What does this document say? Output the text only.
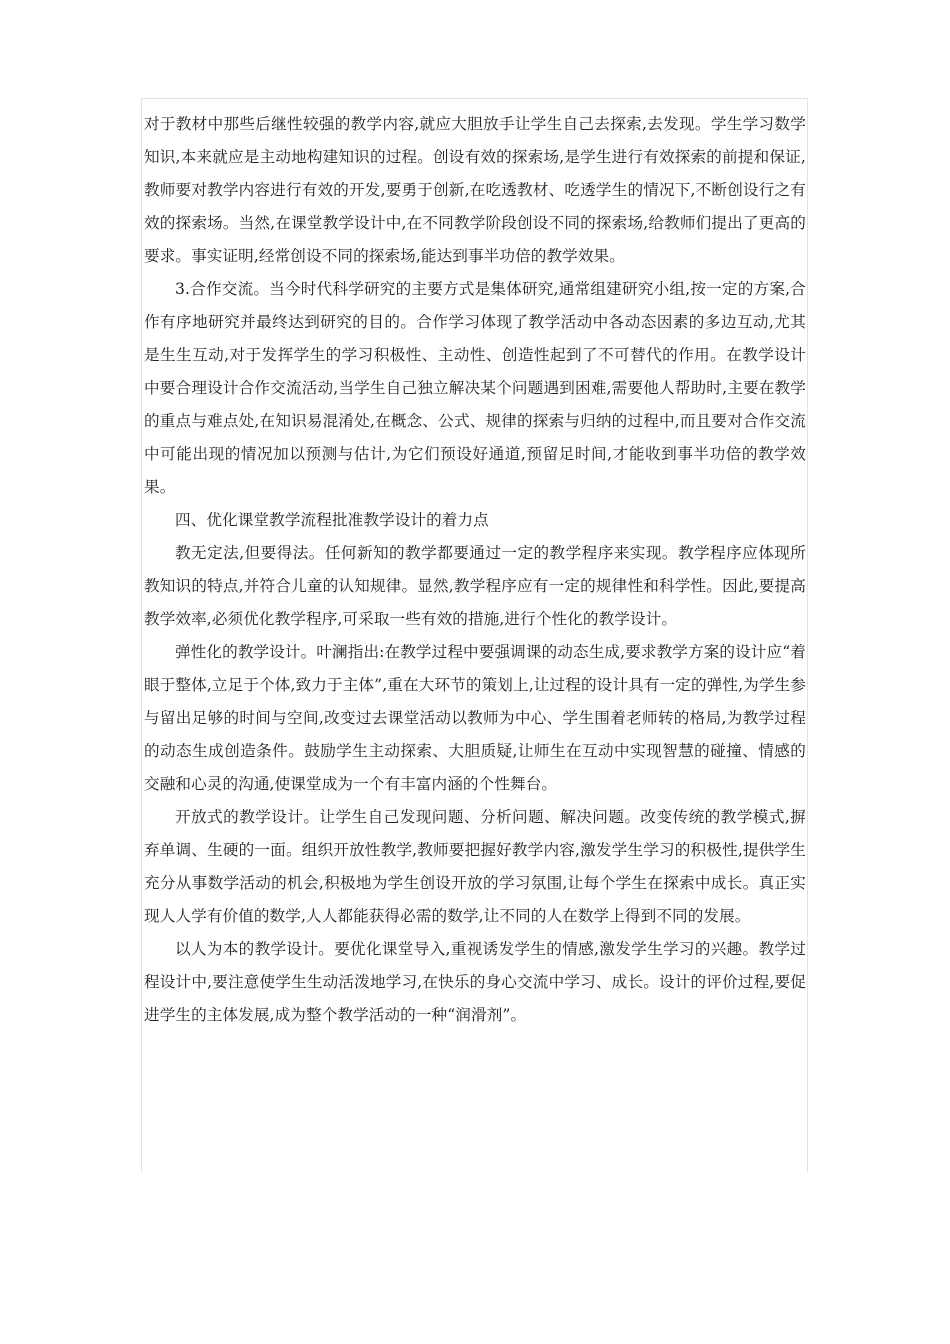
对于教材中那些后继性较强的教学内容,就应大胆放手让学生自己去探索,去发现。学生学习数学知识,本来就应是主动地构建知识的过程。创设有效的探索场,是学生进行有效探索的前提和保证,教师要对教学内容进行有效的开发,要勇于创新,在吃透教材、吃透学生的情况下,不断创设行之有效的探索场。当然,在课堂教学设计中,在不同教学阶段创设不同的探索场,给教师们提出了更高的要求。事实证明,经常创设不同的探索场,能达到事半功倍的教学效果。

3.合作交流。当今时代科学研究的主要方式是集体研究,通常组建研究小组,按一定的方案,合作有序地研究并最终达到研究的目的。合作学习体现了教学活动中各动态因素的多边互动,尤其是生生互动,对于发挥学生的学习积极性、主动性、创造性起到了不可替代的作用。在教学设计中要合理设计合作交流活动,当学生自己独立解决某个问题遇到困难,需要他人帮助时,主要在教学的重点与难点处,在知识易混淆处,在概念、公式、规律的探索与归纳的过程中,而且要对合作交流中可能出现的情况加以预测与估计,为它们预设好通道,预留足时间,才能收到事半功倍的教学效果。

四、优化课堂教学流程批准教学设计的着力点

教无定法,但要得法。任何新知的教学都要通过一定的教学程序来实现。教学程序应体现所教知识的特点,并符合儿童的认知规律。显然,教学程序应有一定的规律性和科学性。因此,要提高教学效率,必须优化教学程序,可采取一些有效的措施,进行个性化的教学设计。

弹性化的教学设计。叶澜指出:在教学过程中要强调课的动态生成,要求教学方案的设计应“着眼于整体,立足于个体,致力于主体”,重在大环节的策划上,让过程的设计具有一定的弹性,为学生参与留出足够的时间与空间,改变过去课堂活动以教师为中心、学生围着老师转的格局,为教学过程的动态生成创造条件。鼓励学生主动探索、大胆质疑,让师生在互动中实现智慧的碰撞、情感的交融和心灵的沟通,使课堂成为一个有丰富内涵的个性舞台。

开放式的教学设计。让学生自己发现问题、分析问题、解决问题。改变传统的教学模式,摒弃单调、生硬的一面。组织开放性教学,教师要把握好教学内容,激发学生学习的积极性,提供学生充分从事数学活动的机会,积极地为学生创设开放的学习氛围,让每个学生在探索中成长。真正实现人人学有价值的数学,人人都能获得必需的数学,让不同的人在数学上得到不同的发展。

以人为本的教学设计。要优化课堂导入,重视诱发学生的情感,激发学生学习的兴趣。教学过程设计中,要注意使学生生动活泼地学习,在快乐的身心交流中学习、成长。设计的评价过程,要促进学生的主体发展,成为整个教学活动的一种“润滑剂”。
